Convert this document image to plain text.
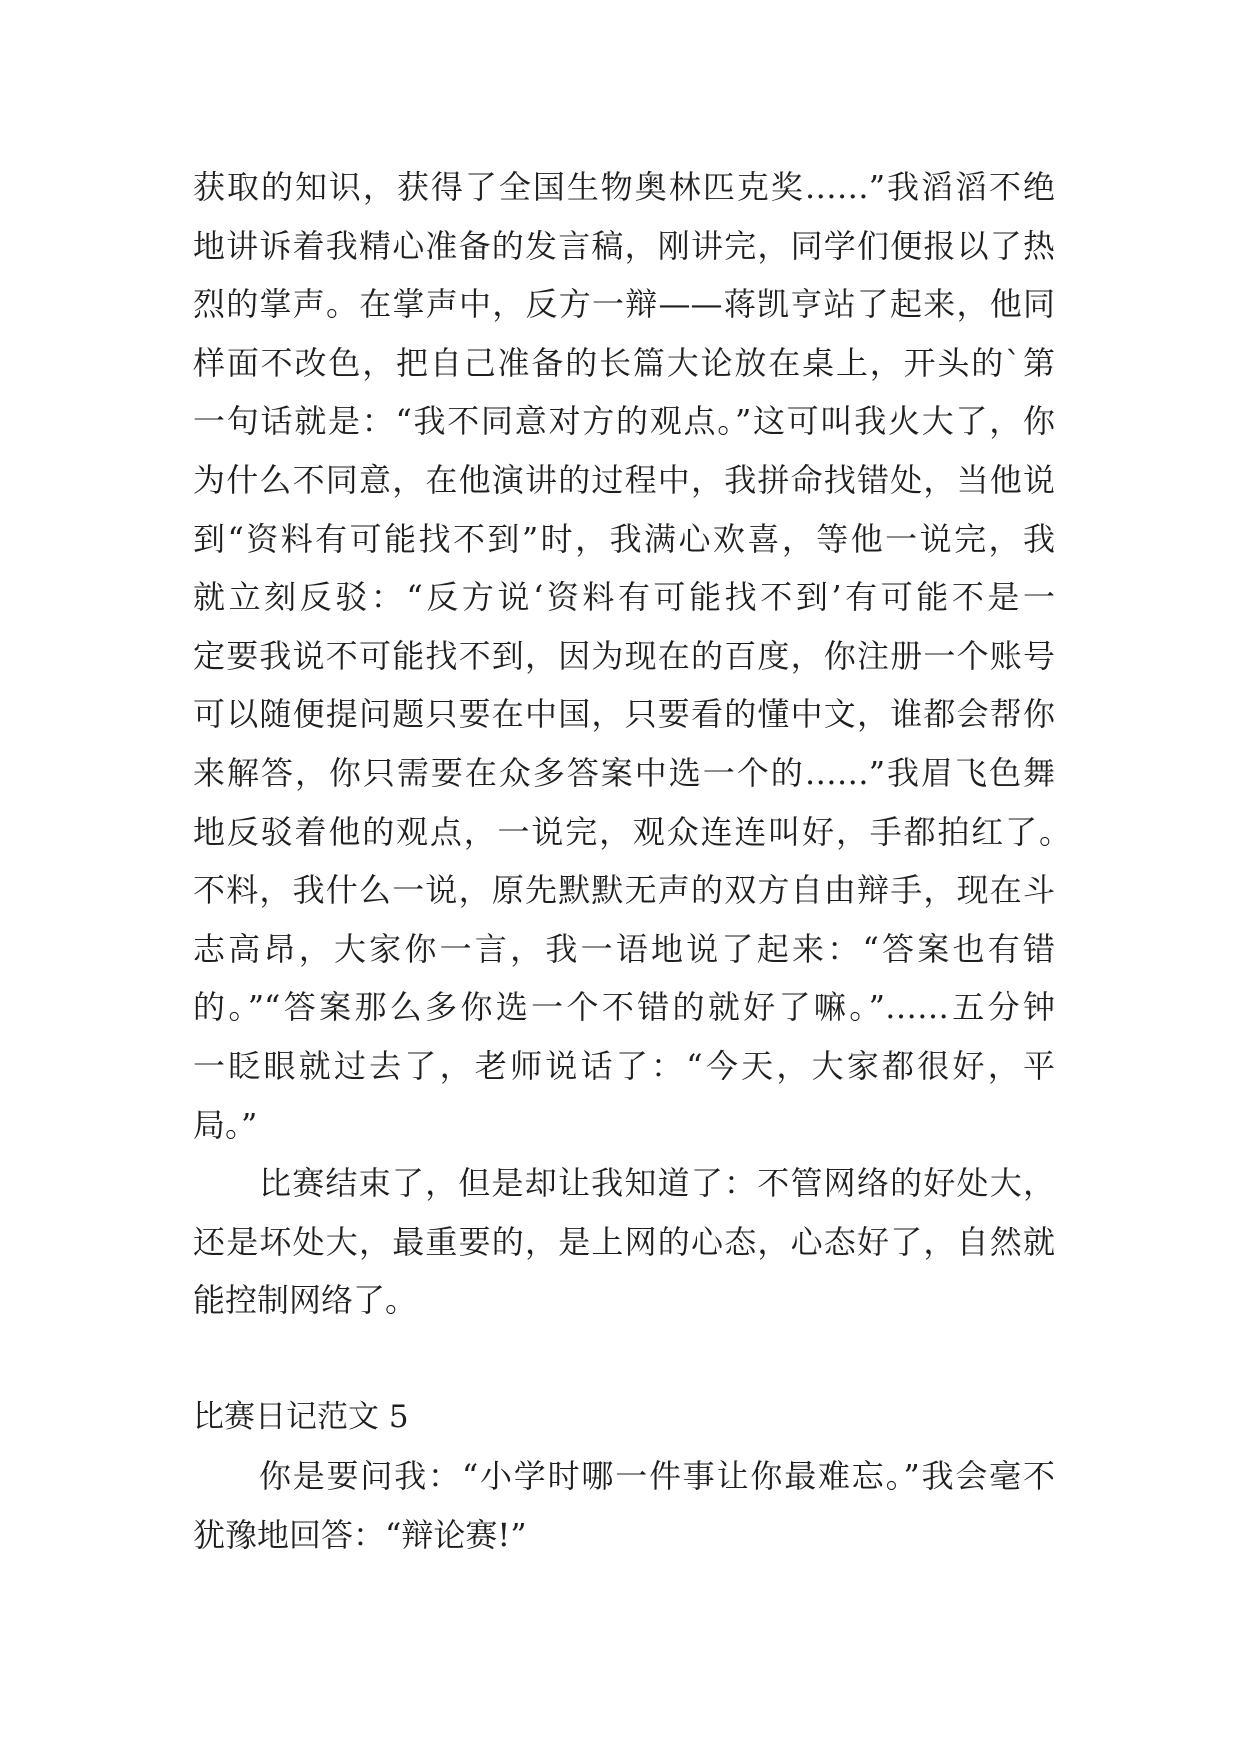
获取的知识，获得了全国生物奥林匹克奖……”我滔滔不绝
地讲诉着我精心准备的发言稿，刚讲完，同学们便报以了热
烈的掌声。在掌声中，反方一辩——蒋凯亨站了起来，他同
样面不改色，把自己准备的长篇大论放在桌上，开头的`第
一句话就是：“我不同意对方的观点。”这可叫我火大了，你
为什么不同意，在他演讲的过程中，我拼命找错处，当他说
到“资料有可能找不到”时，我满心欢喜，等他一说完，我
就立刻反驳：“反方说‘资料有可能找不到’有可能不是一
定要我说不可能找不到，因为现在的百度，你注册一个账号
可以随便提问题只要在中国，只要看的懂中文，谁都会帮你
来解答，你只需要在众多答案中选一个的……”我眉飞色舞
地反驳着他的观点，一说完，观众连连叫好，手都拍红了。
不料，我什么一说，原先默默无声的双方自由辩手，现在斗
志高昂，大家你一言，我一语地说了起来：“答案也有错
的。”“答案那么多你选一个不错的就好了嘛。”……五分钟
一眨眼就过去了，老师说话了：“今天，大家都很好，平
局。”
比赛结束了，但是却让我知道了：不管网络的好处大，
还是坏处大，最重要的，是上网的心态，心态好了，自然就
能控制网络了。
比赛日记范文 5
你是要问我：“小学时哪一件事让你最难忘。”我会毫不
犹豫地回答：“辩论赛!”
